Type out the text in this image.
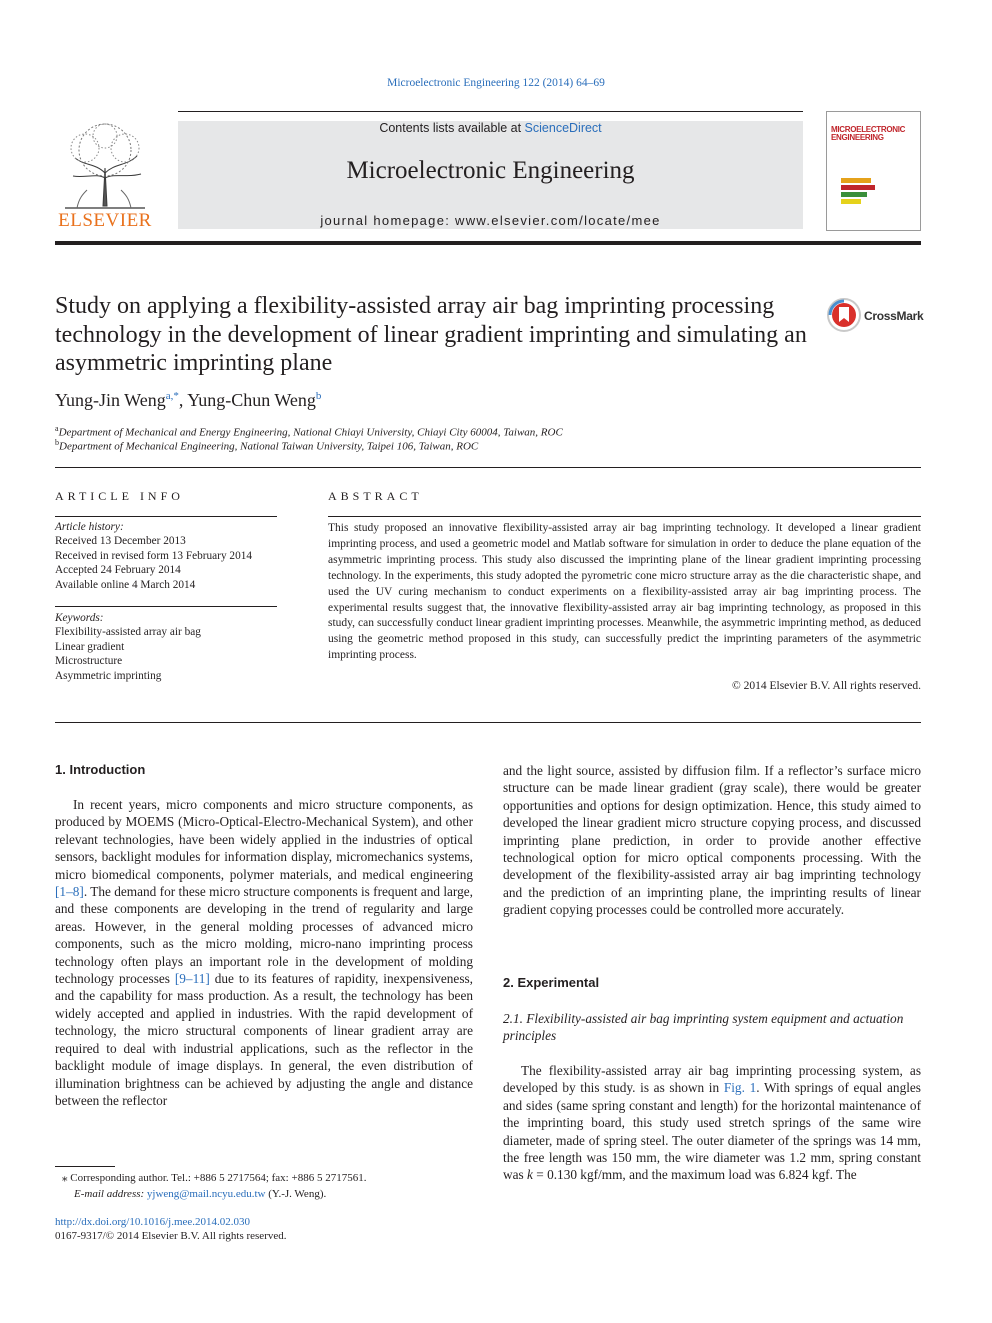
Microelectronic Engineering 122 (2014) 64–69
ELSEVIER
Contents lists available at ScienceDirect
Microelectronic Engineering
journal homepage: www.elsevier.com/locate/mee
MICROELECTRONIC ENGINEERING
Study on applying a flexibility-assisted array air bag imprinting processing technology in the development of linear gradient imprinting and simulating an asymmetric imprinting plane
CrossMark
Yung-Jin Weng$^{a,*}$, Yung-Chun Weng$^b$
$^a$Department of Mechanical and Energy Engineering, National Chiayi University, Chiayi City 60004, Taiwan, ROC
$^b$Department of Mechanical Engineering, National Taiwan University, Taipei 106, Taiwan, ROC
ARTICLE INFO
Article history:
Received 13 December 2013
Received in revised form 13 February 2014
Accepted 24 February 2014
Available online 4 March 2014
Keywords:
Flexibility-assisted array air bag
Linear gradient
Microstructure
Asymmetric imprinting
ABSTRACT
This study proposed an innovative flexibility-assisted array air bag imprinting technology. It developed a linear gradient imprinting process, and used a geometric model and Matlab software for simulation in order to deduce the plane equation of the asymmetric imprinting process. This study also discussed the imprinting plane of the linear gradient imprinting processing technology. In the experiments, this study adopted the pyrometric cone micro structure array as the die characteristic shape, and used the UV curing mechanism to conduct experiments on a flexibility-assisted array air bag imprinting process. The experimental results suggest that, the innovative flexibility-assisted array air bag imprinting technology, as proposed in this study, can successfully conduct linear gradient imprinting processes. Meanwhile, the asymmetric imprinting method, as deduced using the geometric method proposed in this study, can successfully predict the imprinting parameters of the asymmetric imprinting process.
© 2014 Elsevier B.V. All rights reserved.
1. Introduction

In recent years, micro components and micro structure components, as produced by MOEMS (Micro-Optical-Electro-Mechanical System), and other relevant technologies, have been widely applied in the industries of optical sensors, backlight modules for information display, micromechanics systems, micro biomedical components, polymer materials, and medical engineering [1–8]. The demand for these micro structure components is frequent and large, and these components are developing in the trend of regularity and large areas. However, in the general molding processes of advanced micro components, such as the micro molding, micro-nano imprinting process technology often plays an important role in the development of molding technology processes [9–11] due to its features of rapidity, inexpensiveness, and the capability for mass production. As a result, the technology has been widely accepted and applied in industries. With the rapid development of technology, the micro structural components of linear gradient array are required to deal with industrial applications, such as the reflector in the backlight module of image displays. In general, the even distribution of illumination brightness can be achieved by adjusting the angle and distance between the reflector

and the light source, assisted by diffusion film. If a reflector’s surface micro structure can be made linear gradient (gray scale), there would be greater opportunities and options for design optimization. Hence, this study aimed to developed the linear gradient micro structure copying process, and discussed imprinting plane prediction, in order to provide another effective technological option for micro optical components processing. With the development of the flexibility-assisted array air bag imprinting technology and the prediction of an imprinting plane, the imprinting results of linear gradient copying processes could be controlled more accurately.

2. Experimental
2.1. Flexibility-assisted air bag imprinting system equipment and actuation principles

The flexibility-assisted array air bag imprinting processing system, as developed by this study. is as shown in Fig. 1. With springs of equal angles and sides (same spring constant and length) for the horizontal maintenance of the imprinting board, this study used stretch springs of the same wire diameter, made of spring steel. The outer diameter of the springs was 14 mm, the free length was 150 mm, the wire diameter was 1.2 mm, spring constant was k = 0.130 kgf/mm, and the maximum load was 6.824 kgf. The

⁎ Corresponding author. Tel.: +886 5 2717564; fax: +886 5 2717561.
E-mail address: yjweng@mail.ncyu.edu.tw (Y.-J. Weng).
http://dx.doi.org/10.1016/j.mee.2014.02.030
0167-9317/© 2014 Elsevier B.V. All rights reserved.
